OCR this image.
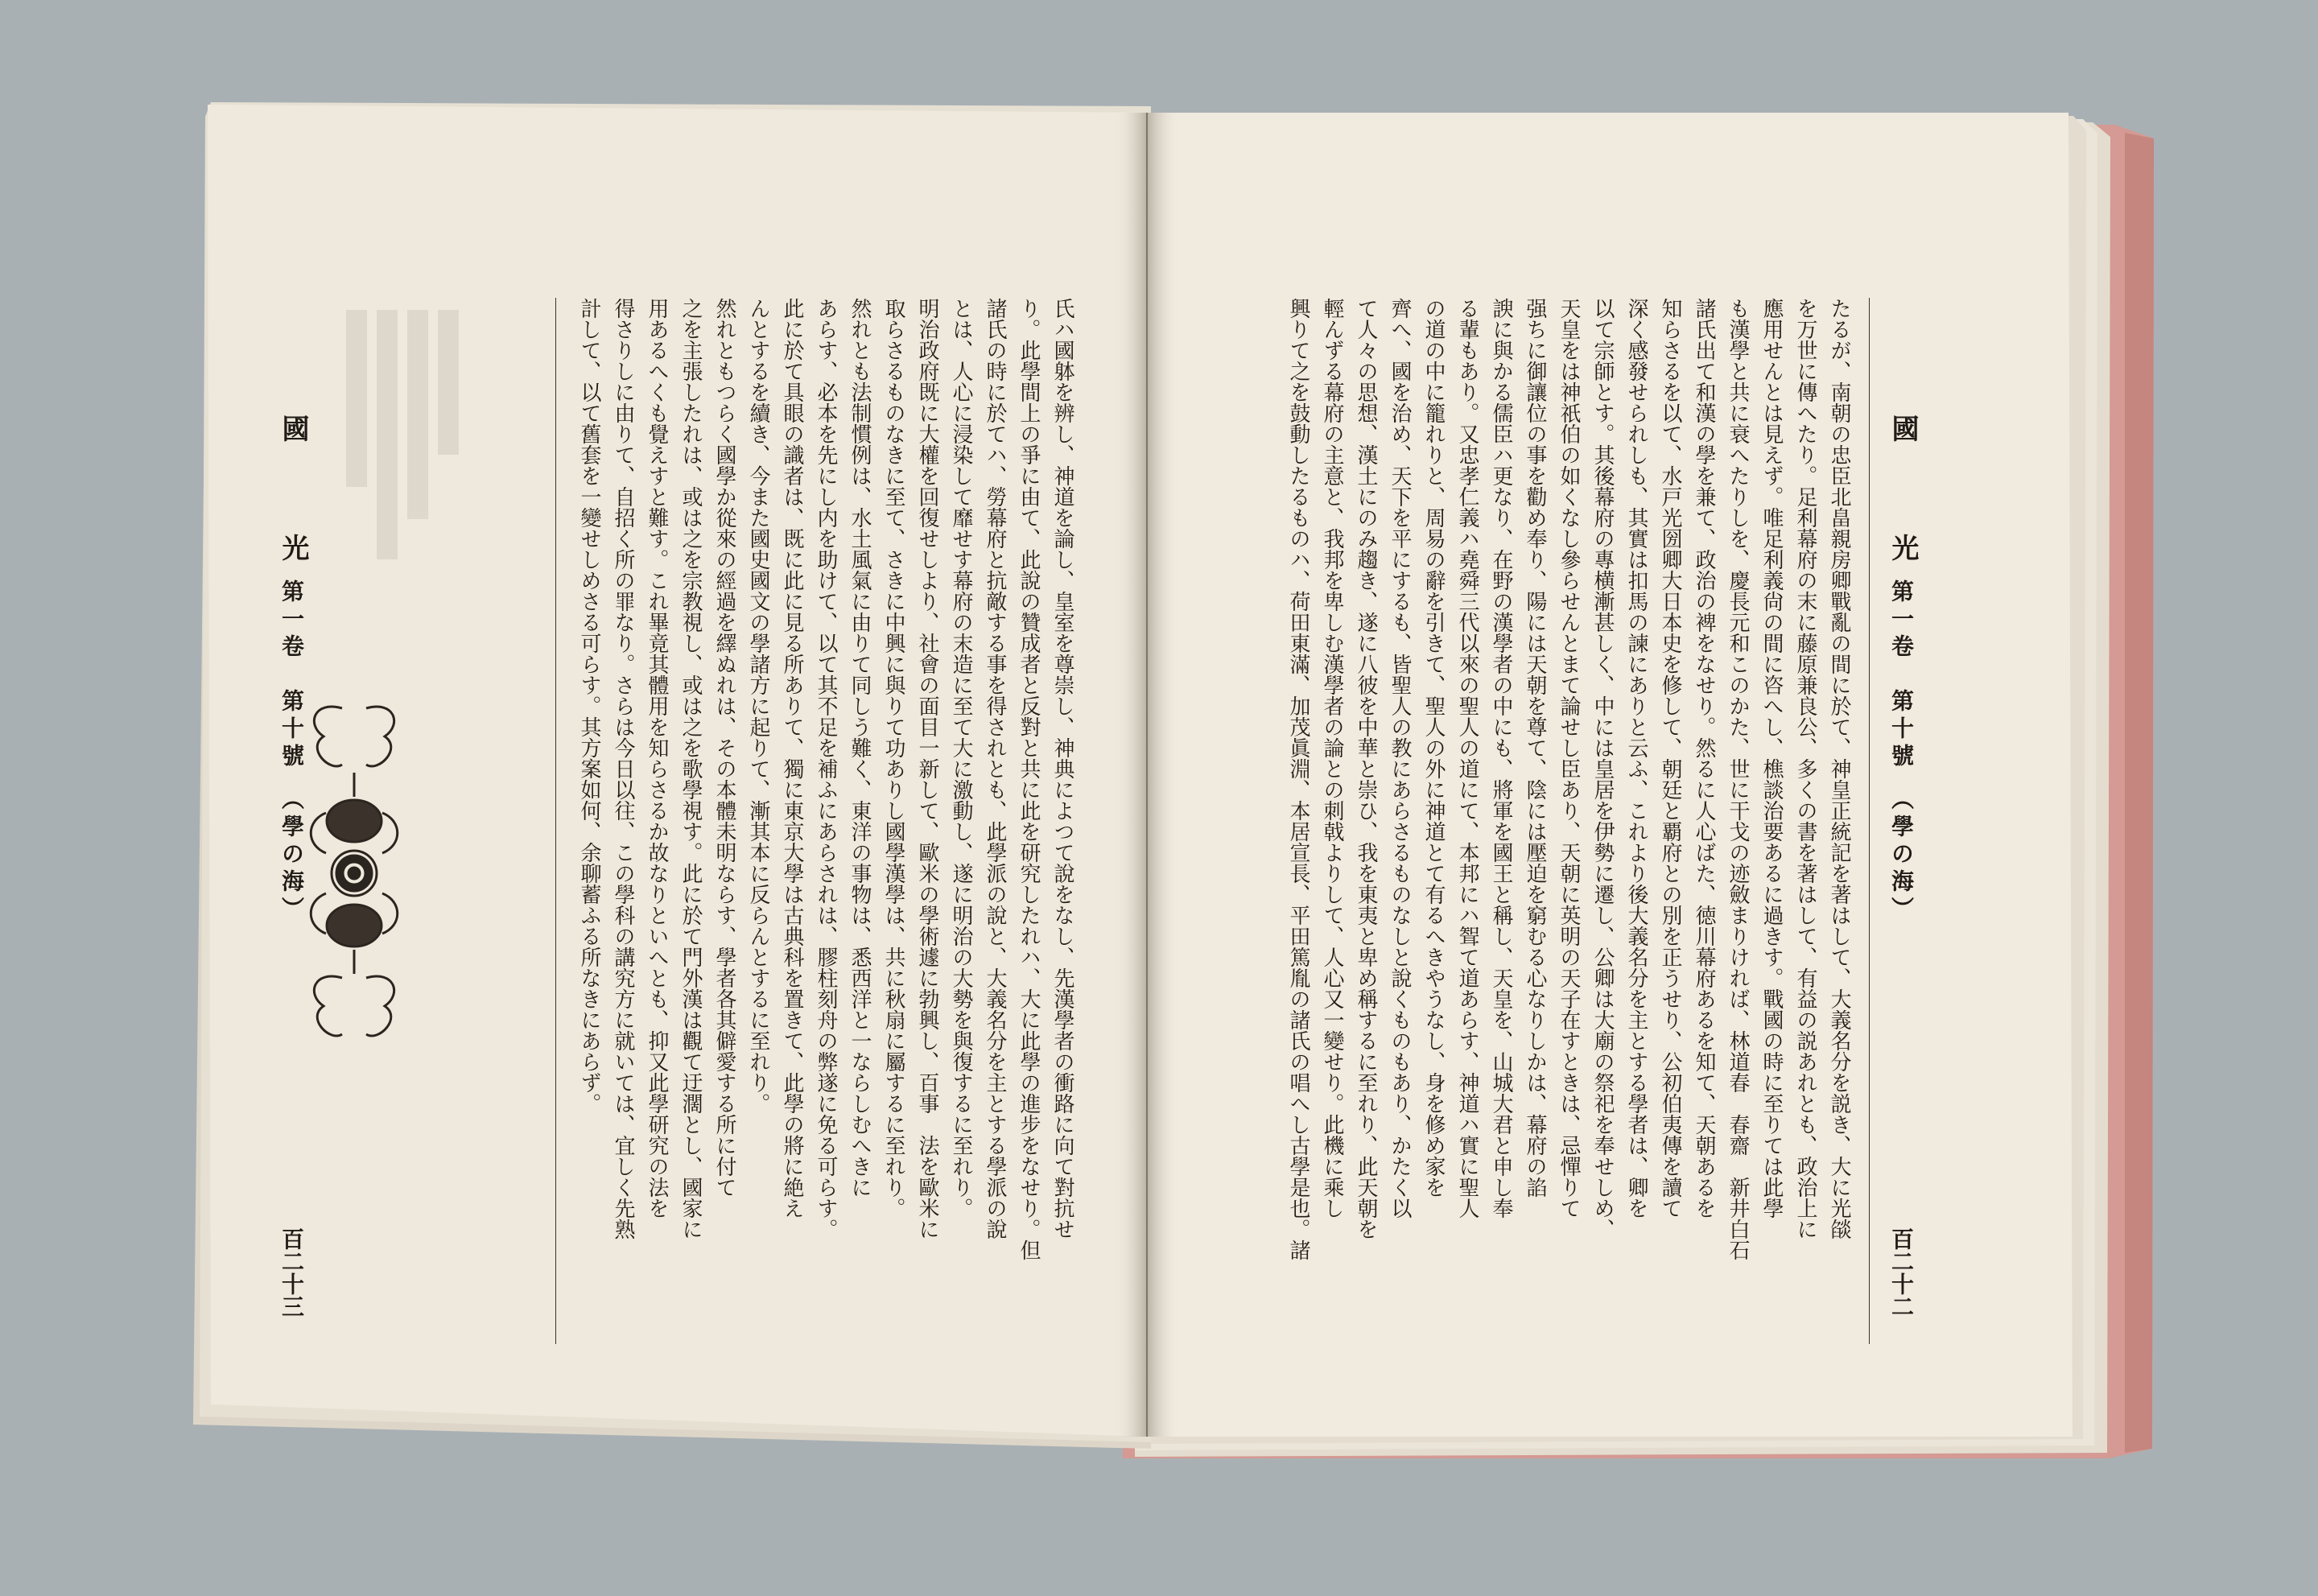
國　光
第一卷　第十號　（學の海）
百二十二
たるが、南朝の忠臣北畠親房卿戰亂の間に於て、神皇正統記を著はして、大義名分を説き、大に光燄
を万世に傳へたり。足利幕府の末に藤原兼良公、多くの書を著はして、有益の説あれとも、政治上に
應用せんとは見えず。唯足利義尙の間に咨へし、樵談治要あるに過きす。戰國の時に至りては此學
も漢學と共に衰へたりしを、慶長元和このかた、世に干戈の迹斂まりければ、林道春　春齋　新井白石
諸氏出て和漢の學を兼て、政治の裨をなせり。然るに人心ばた、徳川幕府あるを知て、天朝あるを
知らさるを以て、水戸光圀卿大日本史を修して、朝廷と覇府との別を正うせり、公初伯夷傳を讀て
深く感發せられしも、其實は扣馬の諫にありと云ふ、これより後大義名分を主とする學者は、卿を
以て宗師とす。其後幕府の專横漸甚しく、中には皇居を伊勢に遷し、公卿は大廟の祭祀を奉せしめ、
天皇をは神祇伯の如くなし參らせんとまて論せし臣あり、天朝に英明の天子在すときは、忌憚りて
强ちに御讓位の事を勸め奉り、陽には天朝を尊て、陰には壓迫を窮むる心なりしかは、幕府の諂
諛に與かる儒臣ハ更なり、在野の漢學者の中にも、將軍を國王と稱し、天皇を、山城大君と申し奉
る輩もあり。又忠孝仁義ハ堯舜三代以來の聖人の道にて、本邦にハ聟て道あらす、神道ハ實に聖人
の道の中に籠れりと、周易の辭を引きて、聖人の外に神道とて有るへきやうなし、身を修め家を
齊へ、國を治め、天下を平にするも、皆聖人の教にあらさるものなしと說くものもあり、かたく以
て人々の思想、漢土にのみ趨き、遂に八彼を中華と崇ひ、我を東夷と卑め稱するに至れり、此天朝を
輕んずる幕府の主意と、我邦を卑しむ漢學者の論との刺戟よりして、人心又一變せり。此機に乘し
興りて之を鼓動したるものハ、荷田東滿、加茂眞淵、本居宣長、平田篤胤の諸氏の唱へし古學是也。諸
氏ハ國躰を辨し、神道を論し、皇室を尊崇し、神典によつて說をなし、先漢學者の衝路に向て對抗せ
り。此學間上の爭に由て、此說の贊成者と反對と共に此を研究したれハ、大に此學の進步をなせり。但
諸氏の時に於てハ、勞幕府と抗敵する事を得されとも、此學派の說と、大義名分を主とする學派の說
とは、人心に浸染して靡せす幕府の末造に至て大に激動し、遂に明治の大勢を與復するに至れり。
明治政府既に大權を回復せしより、社會の面目一新して、歐米の學術遽に勃興し、百事　法を歐米に
取らさるものなきに至て、さきに中興に與りて功ありし國學漢學は、共に秋扇に屬するに至れり。
然れとも法制慣例は、水土風氣に由りて同しう難く、東洋の事物は、悉西洋と一ならしむへきに
あらす、必本を先にし内を助けて、以て其不足を補ふにあらされは、膠柱刻舟の弊遂に免る可らす。
此に於て具眼の識者は、既に此に見る所ありて、獨に東京大學は古典科を置きて、此學の將に絶え
んとするを續き、今また國史國文の學諸方に起りて、漸其本に反らんとするに至れり。
然れともつらく國學か從來の經過を繹ぬれは、その本體未明ならす、學者各其僻愛する所に付て
之を主張したれは、或は之を宗教視し、或は之を歌學視す。此に於て門外漢は觀て迂濶とし、國家に
用あるへくも覺えすと難す。これ畢竟其體用を知らさるか故なりといへとも、抑又此學研究の法を
得さりしに由りて、自招く所の罪なり。さらは今日以往、この學科の講究方に就いては、宜しく先熟
計して、以て舊套を一變せしめさる可らす。其方案如何、余聊蓄ふる所なきにあらず。
國　光
第一卷　第十號　（學の海）
百二十三
